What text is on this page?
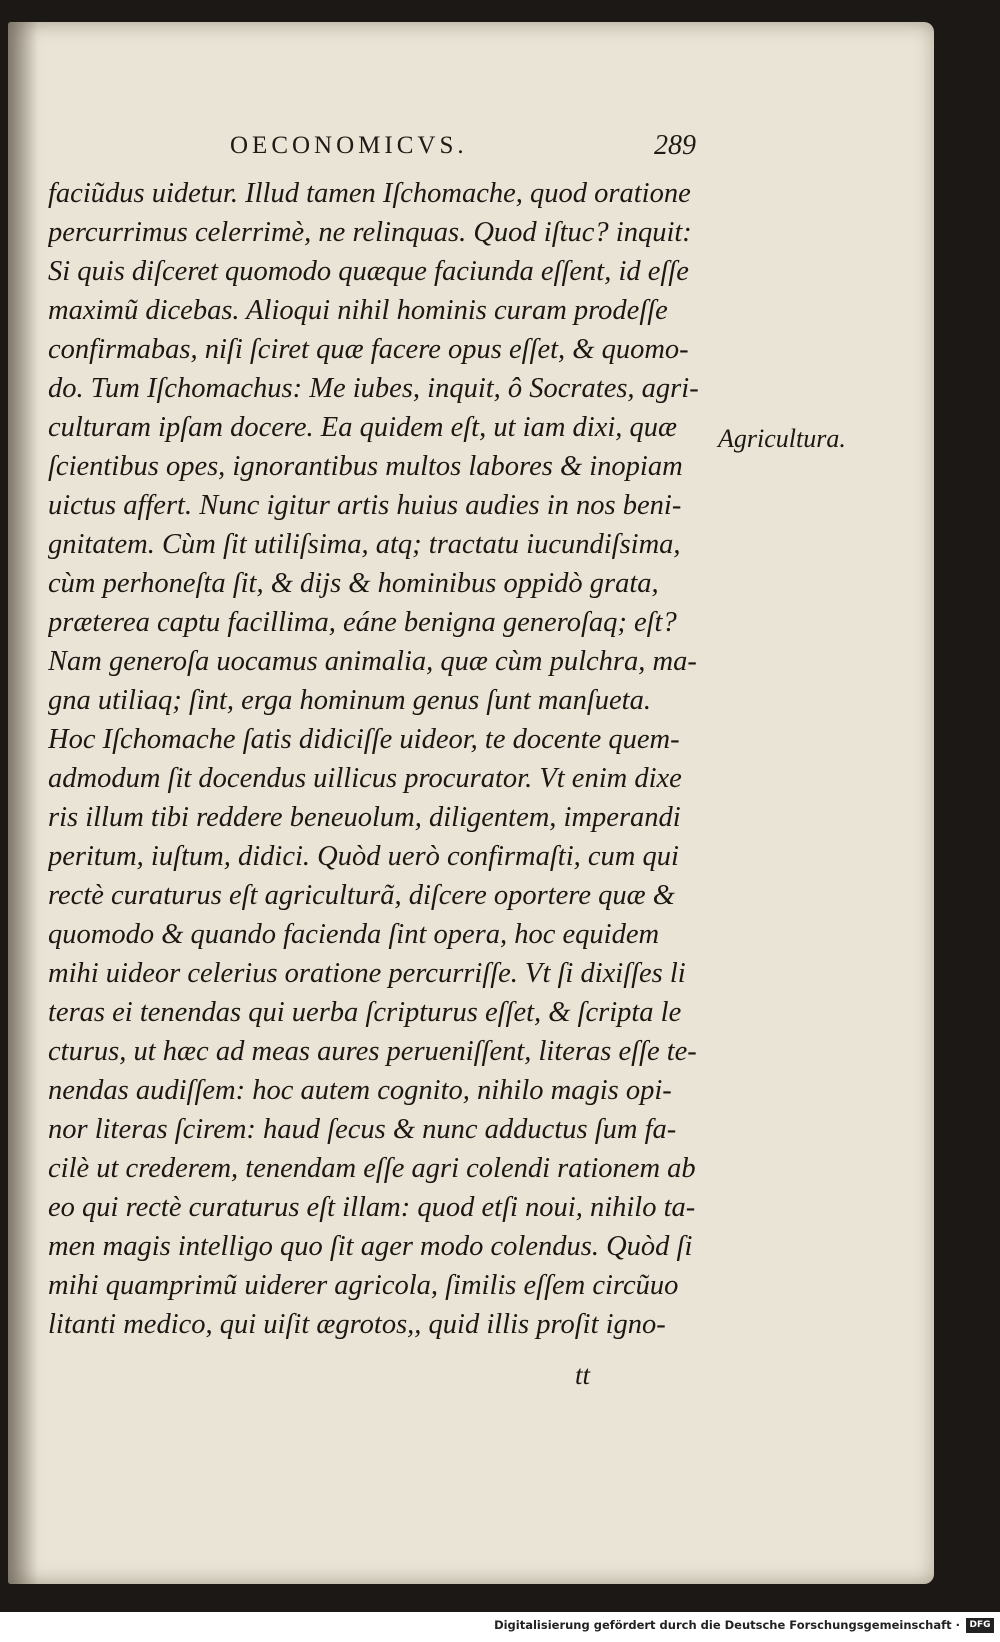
OECONOMICVS.	289
faciũdus uidetur. Illud tamen Iſchomache, quod oratione
percurrimus celerrimè, ne relinquas. Quod iſtuc? inquit:
Si quis diſceret quomodo quæque faciunda eſſent, id eſſe
maximũ dicebas. Alioqui nihil hominis curam prodeſſe
confirmabas, niſi ſciret quæ facere opus eſſet, & quomo-
do. Tum Iſchomachus: Me iubes, inquit, ô Socrates, agri-
culturam ipſam docere. Ea quidem eſt, ut iam dixi, quæ
ſcientibus opes, ignorantibus multos labores & inopiam
uictus affert. Nunc igitur artis huius audies in nos beni-
gnitatem. Cùm ſit utiliſsima, atq; tractatu iucundiſsima,
cùm perhoneſta ſit, & dijs & hominibus oppidò grata,
præterea captu facillima, eáne benigna generoſaq; eſt?
Nam generoſa uocamus animalia, quæ cùm pulchra, ma-
gna utiliaq; ſint, erga hominum genus ſunt manſueta.
Hoc Iſchomache ſatis didiciſſe uideor, te docente quem-
admodum ſit docendus uillicus procurator. Vt enim dixe
ris illum tibi reddere beneuolum, diligentem, imperandi
peritum, iuſtum, didici. Quòd uerò confirmaſti, cum qui
rectè curaturus eſt agriculturã, diſcere oportere quæ &
quomodo & quando facienda ſint opera, hoc equidem
mihi uideor celerius oratione percurriſſe. Vt ſi dixiſſes li
teras ei tenendas qui uerba ſcripturus eſſet, & ſcripta le
cturus, ut hæc ad meas aures perueniſſent, literas eſſe te-
nendas audiſſem: hoc autem cognito, nihilo magis opi-
nor literas ſcirem: haud ſecus & nunc adductus ſum fa-
cilè ut crederem, tenendam eſſe agri colendi rationem ab
eo qui rectè curaturus eſt illam: quod etſi noui, nihilo ta-
men magis intelligo quo ſit ager modo colendus. Quòd ſi
mihi quamprimũ uiderer agricola, ſimilis eſſem circũuo
litanti medico, qui uiſit ægrotos,, quid illis proſit igno-
Agricultura.
tt
Digitalisierung gefördert durch die Deutsche Forschungsgemeinschaft ·	DFG
